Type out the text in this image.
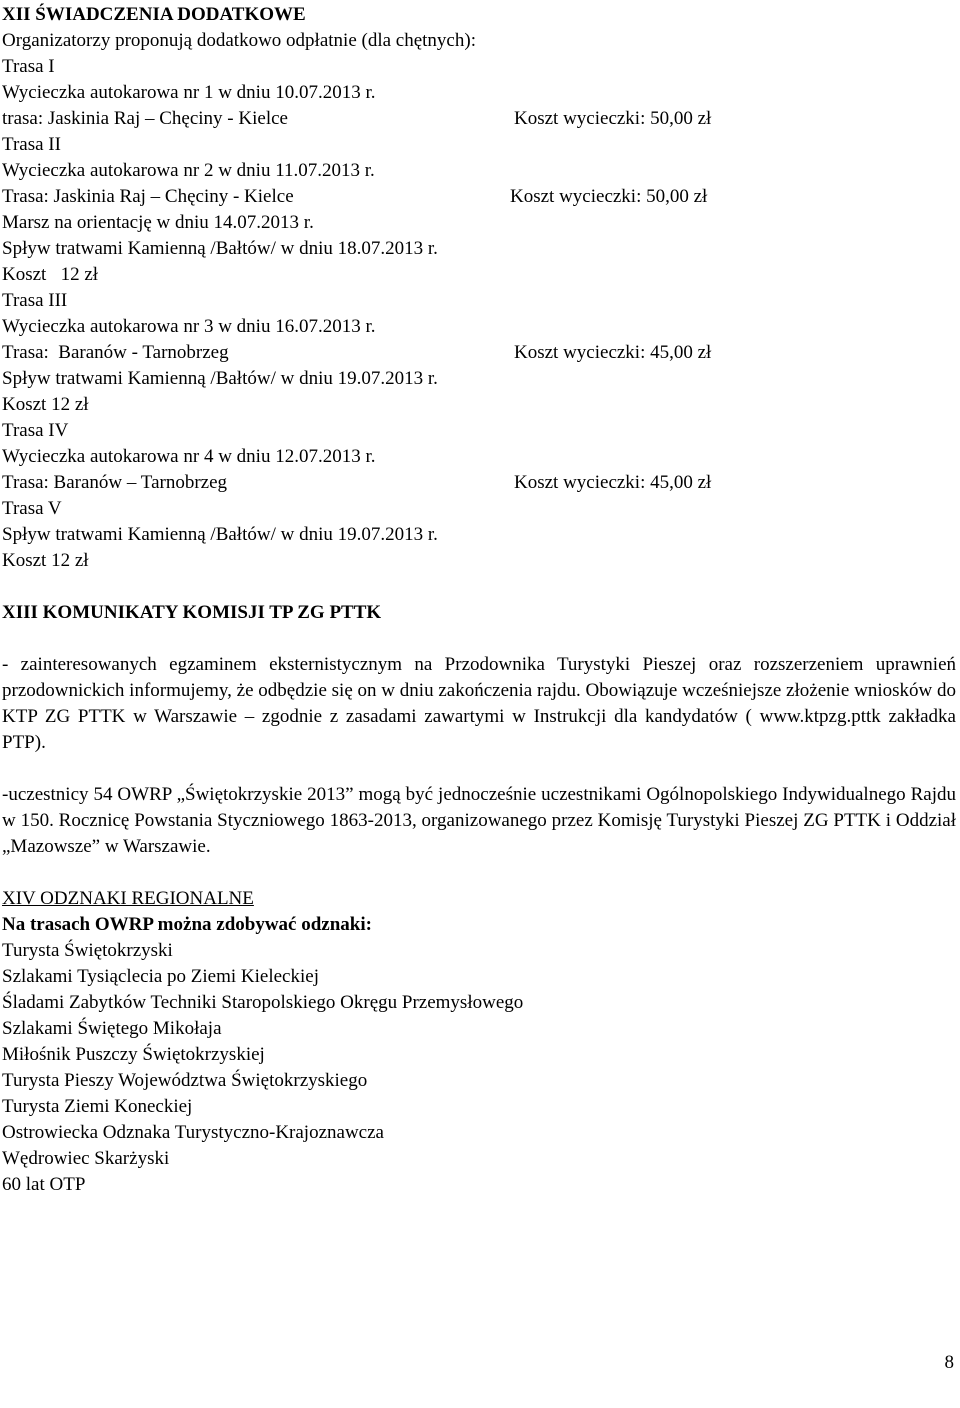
XII ŚWIADCZENIA DODATKOWE
Organizatorzy proponują dodatkowo odpłatnie (dla chętnych):
Trasa I
Wycieczka autokarowa nr 1 w dniu 10.07.2013 r.
trasa: Jaskinia Raj – Chęciny - Kielce	Koszt wycieczki: 50,00 zł
Trasa II
Wycieczka autokarowa nr 2 w dniu 11.07.2013 r.
Trasa: Jaskinia Raj – Chęciny - Kielce	Koszt wycieczki: 50,00 zł
Marsz na orientację w dniu 14.07.2013 r.
Spływ tratwami Kamienną /Bałtów/ w dniu 18.07.2013 r.
Koszt   12 zł
Trasa III
Wycieczka autokarowa nr 3 w dniu 16.07.2013 r.
Trasa:  Baranów - Tarnobrzeg	Koszt wycieczki: 45,00 zł
Spływ tratwami Kamienną /Bałtów/ w dniu 19.07.2013 r.
Koszt 12 zł
Trasa IV
Wycieczka autokarowa nr 4 w dniu 12.07.2013 r.
Trasa: Baranów – Tarnobrzeg	Koszt wycieczki: 45,00 zł
Trasa V
Spływ tratwami Kamienną /Bałtów/ w dniu 19.07.2013 r.
Koszt 12 zł
XIII KOMUNIKATY KOMISJI TP ZG PTTK

- zainteresowanych egzaminem eksternistycznym na Przodownika Turystyki Pieszej oraz rozszerzeniem uprawnień przodownickich informujemy, że odbędzie się on w dniu zakończenia rajdu. Obowiązuje wcześniejsze złożenie wniosków do KTP ZG PTTK w Warszawie – zgodnie z zasadami zawartymi w Instrukcji dla kandydatów ( www.ktpzg.pttk zakładka PTP).

-uczestnicy 54 OWRP „Świętokrzyskie 2013” mogą być jednocześnie uczestnikami Ogólnopolskiego Indywidualnego Rajdu w 150. Rocznicę Powstania Styczniowego 1863-2013, organizowanego przez Komisję Turystyki Pieszej ZG PTTK i Oddział „Mazowsze” w Warszawie.

XIV ODZNAKI REGIONALNE
Na trasach OWRP można zdobywać odznaki:
Turysta Świętokrzyski
Szlakami Tysiąclecia po Ziemi Kieleckiej
Śladami Zabytków Techniki Staropolskiego Okręgu Przemysłowego
Szlakami Świętego Mikołaja
Miłośnik Puszczy Świętokrzyskiej
Turysta Pieszy Województwa Świętokrzyskiego
Turysta Ziemi Koneckiej
Ostrowiecka Odznaka Turystyczno-Krajoznawcza
Wędrowiec Skarżyski
60 lat OTP
8
